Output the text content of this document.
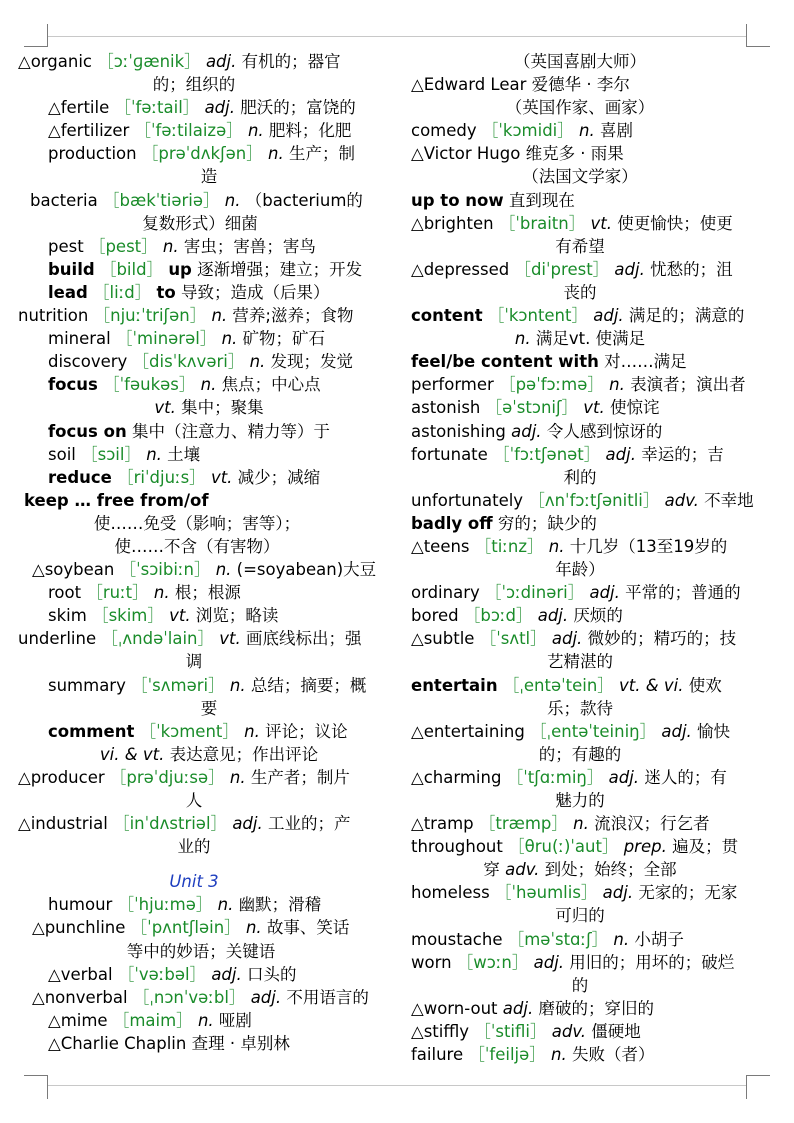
△organic ［ɔːˈɡænik］ adj. 有机的；器官
的；组织的
△fertile ［ˈfəːtail］ adj. 肥沃的；富饶的
△fertilizer ［ˈfəːtilaizə］ n. 肥料；化肥
production ［prəˈdʌkʃən］ n. 生产；制
造
bacteria ［bækˈtiəriə］ n. （bacterium的
复数形式）细菌
pest ［pest］ n. 害虫；害兽；害鸟
build ［bild］ up 逐渐增强；建立；开发
lead ［liːd］ to 导致；造成（后果）
nutrition ［njuːˈtriʃən］ n. 营养;滋养；食物
mineral ［ˈminərəl］ n. 矿物；矿石
discovery ［disˈkʌvəri］ n. 发现；发觉
focus ［ˈfəukəs］ n. 焦点；中心点
vt. 集中；聚集
focus on 集中（注意力、精力等）于
soil ［sɔil］ n. 土壤
reduce ［riˈdjuːs］ vt. 减少；减缩
keep … free from/of
使……免受（影响；害等）；
使……不含（有害物）
△soybean ［ˈsɔibiːn］ n. (=soyabean)大豆
root ［ruːt］ n. 根；根源
skim ［skim］ vt. 浏览；略读
underline ［ˌʌndəˈlain］ vt. 画底线标出；强
调
summary ［ˈsʌməri］ n. 总结；摘要；概
要
comment ［ˈkɔment］ n. 评论；议论
vi. & vt. 表达意见；作出评论
△producer ［prəˈdjuːsə］ n. 生产者；制片
人
△industrial ［inˈdʌstriəl］ adj. 工业的；产
业的
Unit 3
humour ［ˈhjuːmə］ n. 幽默；滑稽
△punchline ［ˈpʌntʃləin］ n. 故事、笑话
等中的妙语；关键语
△verbal ［ˈvəːbəl］ adj. 口头的
△nonverbal ［ˌnɔnˈvəːbl］ adj. 不用语言的
△mime ［maim］ n. 哑剧
△Charlie Chaplin 查理 · 卓别林
（英国喜剧大师）
△Edward Lear 爱德华 · 李尔
（英国作家、画家）
comedy ［ˈkɔmidi］ n. 喜剧
△Victor Hugo 维克多 · 雨果
（法国文学家）
up to now 直到现在
△brighten ［ˈbraitn］ vt. 使更愉快；使更
有希望
△depressed ［diˈprest］ adj. 忧愁的；沮
丧的
content ［ˈkɔntent］ adj. 满足的；满意的
n. 满足vt. 使满足
feel/be content with 对……满足
performer ［pəˈfɔːmə］ n. 表演者；演出者
astonish ［əˈstɔniʃ］ vt. 使惊诧
astonishing adj. 令人感到惊讶的
fortunate ［ˈfɔːtʃənət］ adj. 幸运的；吉
利的
unfortunately ［ʌnˈfɔːtʃənitli］ adv. 不幸地
badly off 穷的；缺少的
△teens ［tiːnz］ n. 十几岁（13至19岁的
年龄）
ordinary ［ˈɔːdinəri］ adj. 平常的；普通的
bored ［bɔːd］ adj. 厌烦的
△subtle ［ˈsʌtl］ adj. 微妙的；精巧的；技
艺精湛的
entertain ［ˌentəˈtein］ vt. & vi. 使欢
乐；款待
△entertaining ［ˌentəˈteiniŋ］ adj. 愉快
的；有趣的
△charming ［ˈtʃɑːmiŋ］ adj. 迷人的；有
魅力的
△tramp ［træmp］ n. 流浪汉；行乞者
throughout ［θru(ː)ˈaut］ prep. 遍及；贯
穿 adv. 到处；始终；全部
homeless ［ˈhəumlis］ adj. 无家的；无家
可归的
moustache ［məˈstɑːʃ］ n. 小胡子
worn ［wɔːn］ adj. 用旧的；用坏的；破烂
的
△worn-out adj. 磨破的；穿旧的
△stiffly ［ˈstifli］ adv. 僵硬地
failure ［ˈfeiljə］ n. 失败（者）
